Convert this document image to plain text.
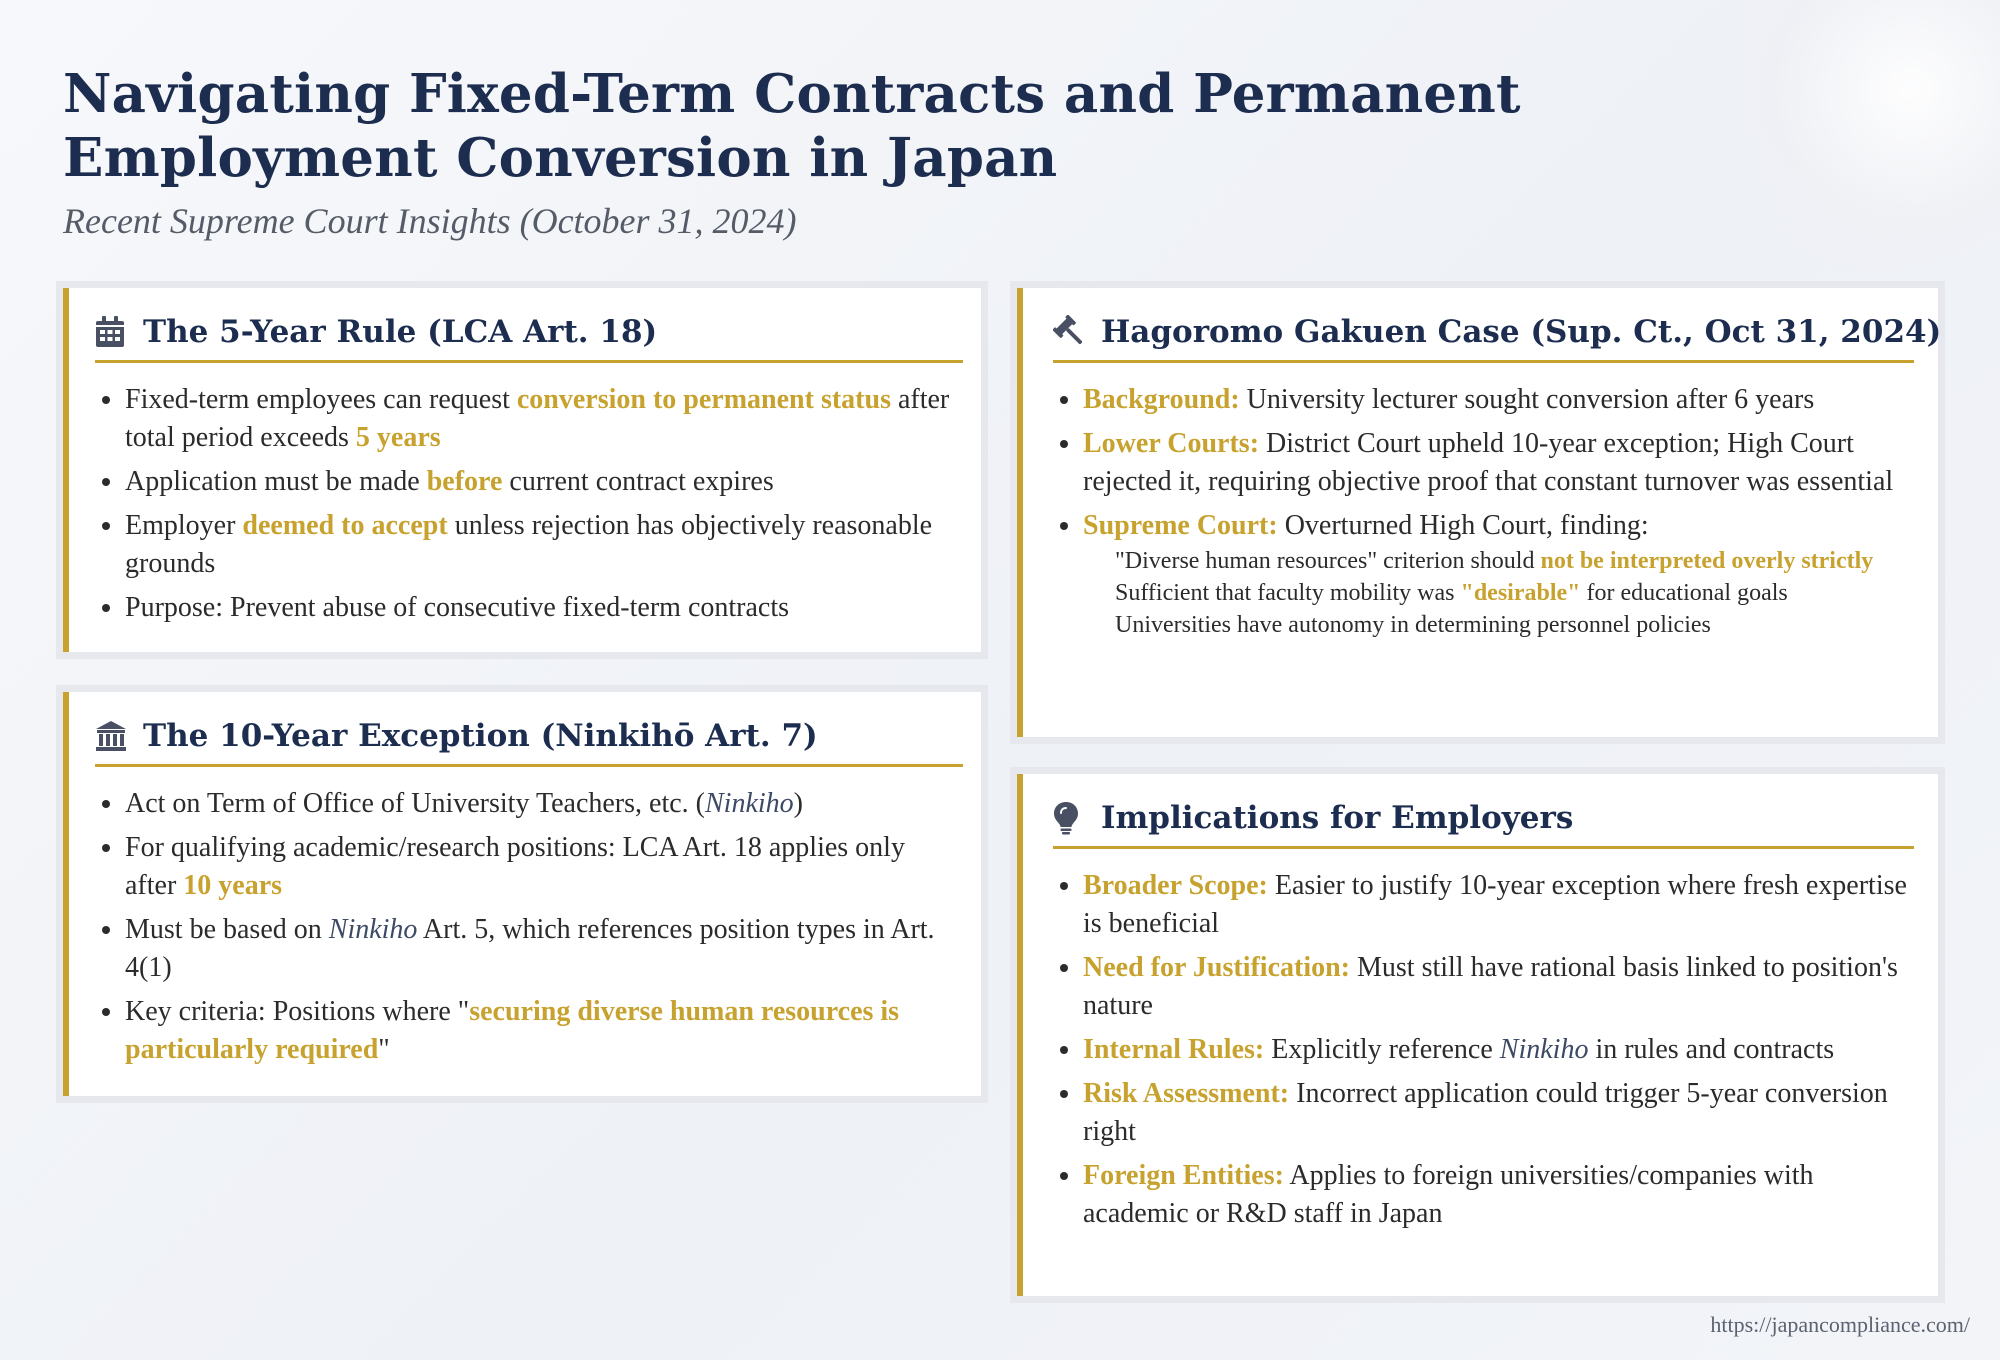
Navigating Fixed-Term Contracts and Permanent Employment Conversion in Japan
Recent Supreme Court Insights (October 31, 2024)
The 5-Year Rule (LCA Art. 18)
• Fixed-term employees can request conversion to permanent status after total period exceeds 5 years
• Application must be made before current contract expires
• Employer deemed to accept unless rejection has objectively reasonable grounds
• Purpose: Prevent abuse of consecutive fixed-term contracts
The 10-Year Exception (Ninkihō Art. 7)
• Act on Term of Office of University Teachers, etc. (Ninkiho)
• For qualifying academic/research positions: LCA Art. 18 applies only after 10 years
• Must be based on Ninkiho Art. 5, which references position types in Art. 4(1)
• Key criteria: Positions where "securing diverse human resources is particularly required"
Hagoromo Gakuen Case (Sup. Ct., Oct 31, 2024)
• Background: University lecturer sought conversion after 6 years
• Lower Courts: District Court upheld 10-year exception; High Court rejected it, requiring objective proof that constant turnover was essential
• Supreme Court: Overturned High Court, finding:
"Diverse human resources" criterion should not be interpreted overly strictly
Sufficient that faculty mobility was "desirable" for educational goals
Universities have autonomy in determining personnel policies
Implications for Employers
• Broader Scope: Easier to justify 10-year exception where fresh expertise is beneficial
• Need for Justification: Must still have rational basis linked to position's nature
• Internal Rules: Explicitly reference Ninkiho in rules and contracts
• Risk Assessment: Incorrect application could trigger 5-year conversion right
• Foreign Entities: Applies to foreign universities/companies with academic or R&D staff in Japan
https://japancompliance.com/
